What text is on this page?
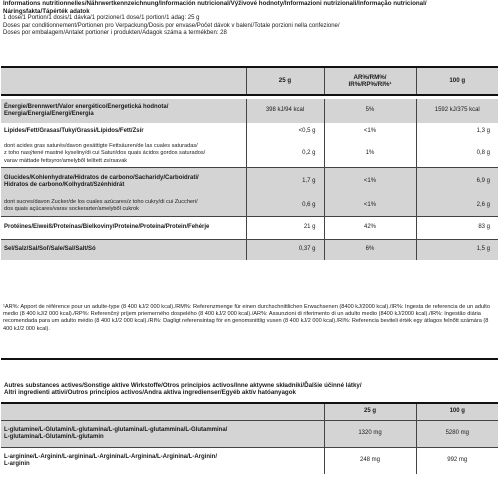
Informations nutritionnelles/Nährwertkennzeichnung/Información nutricional/Výživové hodnoty/Informazioni nutrizionali/Informação nutricional/
Náringsfakta/Tápérték adatok
1 dose/1 Portion/1 dosis/1 dávka/1 porzione/1 dose/1 portion/1 adag: 25 g
Doses par conditionnement/Portionen pro Verpackung/Dosis por envase/Počet dávok v balení/Totale porzioni nella confezione/
Doses por embalagem/Antalet portioner i produkten/Adagok száma a termékben: 28
	25 g	AR%/RM%/
IR%/RP%/RI%¹	100 g

Énergie/Brennwert/Valor energético/Energetická hodnota/
Energia/Energia/Energi/Energia	398 kJ/94 kcal	5%	1592 kJ/375 kcal
Lipides/Fett/Grasas/Tuky/Grassi/Lípidos/Fett/Zsír	<0,5 g	<1%	1,3 g
dont acides gras saturés/davon gesättigte Fettsäuren/de las cuales saturadas/
z toho nasýtené mastné kyseliny/di cui Saturi/dos quais ácidos gordos saturados/
varav mättade fettsyror/amelyből telített zsírsavak	0,2 g	1%	0,8 g
Glucides/Kohlenhydrate/Hidratos de carbono/Sacharidy/Carboidrati/
Hidratos de carbono/Kolhydrat/Szénhidrát	1,7 g	<1%	6,9 g
dont sucres/davon Zucker/de los cuales azúcares/z toho cukry/di cui Zuccheri/
dos quais açúcares/varav sockerarter/amelyből cukrok	0,6 g	<1%	2,6 g
Protéines/Eiweiß/Proteínas/Bielkoviny/Proteine/Proteína/Protein/Fehérje	21 g	42%	83 g
Sel/Salz/Sal/Soľ/Sale/Sal/Salt/Só	0,37 g	6%	1,5 g
¹AR%: Apport de référence pour un adulte-type (8 400 kJ/2 000 kcal)./RM%: Referenzmenge für einen durchschnittlichen Erwachsenen (8400 kJ/2000 kcal)./IR%: Ingesta de referencia de un adulto medio (8 400 kJ/2 000 kcal)./RP%: Referenčný príjem priemerného dospelého (8 400 kJ/2 000 kcal)./AR%: Assunzioni di riferimento di un adulto medio (8400 kJ/2000 kcal)./IR%: Ingestão diária recomendada para um adulto médio (8 400 kJ/2 000 kcal)./RI%: Dagligt referensintag för en genomsnittlig vuxen (8 400 kJ/2 000 kcal)./RI%: Referencia beviteli érték egy átlagos felnőtt számára (8 400 kJ/2 000 kcal).
Autres substances actives/Sonstige aktive Wirkstoffe/Otros principios activos/Inne aktywne składniki/Ďalšie účinné látky/
Altri ingredienti attivi/Outros princípios activos/Andra aktiva ingredienser/Egyéb aktív hatóanyagok		

	25 g	100 g
L-glutamine/L-Glutamin/L-glutamina/L-glutamina/L-glutammina/L-Glutammina/
L-glutamina/L-Glutamin/L-glutamin	1320 mg	5280 mg
L-arginine/L-Arginin/L-arginina/L-Arginína/L-Arginina/L-Arginina/L-Arginin/
L-arginin	248 mg	992 mg
